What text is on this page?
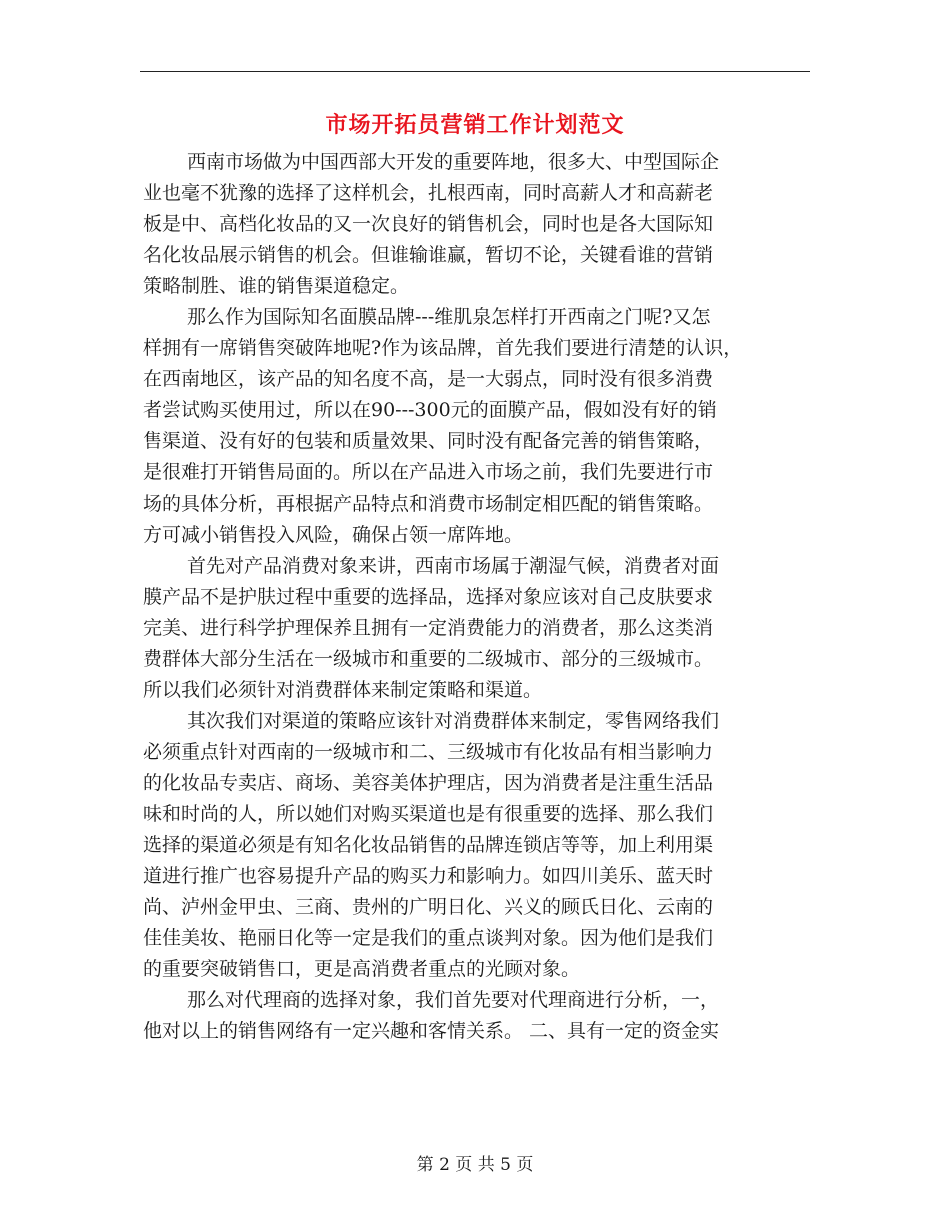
市场开拓员营销工作计划范文
西南市场做为中国西部大开发的重要阵地，很多大、中型国际企
业也毫不犹豫的选择了这样机会，扎根西南，同时高薪人才和高薪老
板是中、高档化妆品的又一次良好的销售机会，同时也是各大国际知
名化妆品展示销售的机会。但谁输谁赢，暂切不论，关键看谁的营销
策略制胜、谁的销售渠道稳定。
那么作为国际知名面膜品牌---维肌泉怎样打开西南之门呢?又怎
样拥有一席销售突破阵地呢?作为该品牌，首先我们要进行清楚的认识，
在西南地区，该产品的知名度不高，是一大弱点，同时没有很多消费
者尝试购买使用过，所以在90---300元的面膜产品，假如没有好的销
售渠道、没有好的包装和质量效果、同时没有配备完善的销售策略，
是很难打开销售局面的。所以在产品进入市场之前，我们先要进行市
场的具体分析，再根据产品特点和消费市场制定相匹配的销售策略。
方可减小销售投入风险，确保占领一席阵地。
首先对产品消费对象来讲，西南市场属于潮湿气候，消费者对面
膜产品不是护肤过程中重要的选择品，选择对象应该对自己皮肤要求
完美、进行科学护理保养且拥有一定消费能力的消费者，那么这类消
费群体大部分生活在一级城市和重要的二级城市、部分的三级城市。
所以我们必须针对消费群体来制定策略和渠道。
其次我们对渠道的策略应该针对消费群体来制定，零售网络我们
必须重点针对西南的一级城市和二、三级城市有化妆品有相当影响力
的化妆品专卖店、商场、美容美体护理店，因为消费者是注重生活品
味和时尚的人，所以她们对购买渠道也是有很重要的选择、那么我们
选择的渠道必须是有知名化妆品销售的品牌连锁店等等，加上利用渠
道进行推广也容易提升产品的购买力和影响力。如四川美乐、蓝天时
尚、泸州金甲虫、三商、贵州的广明日化、兴义的顾氏日化、云南的
佳佳美妆、艳丽日化等一定是我们的重点谈判对象。因为他们是我们
的重要突破销售口，更是高消费者重点的光顾对象。
那么对代理商的选择对象，我们首先要对代理商进行分析，一，
他对以上的销售网络有一定兴趣和客情关系。 二、具有一定的资金实
第 2 页 共 5 页
